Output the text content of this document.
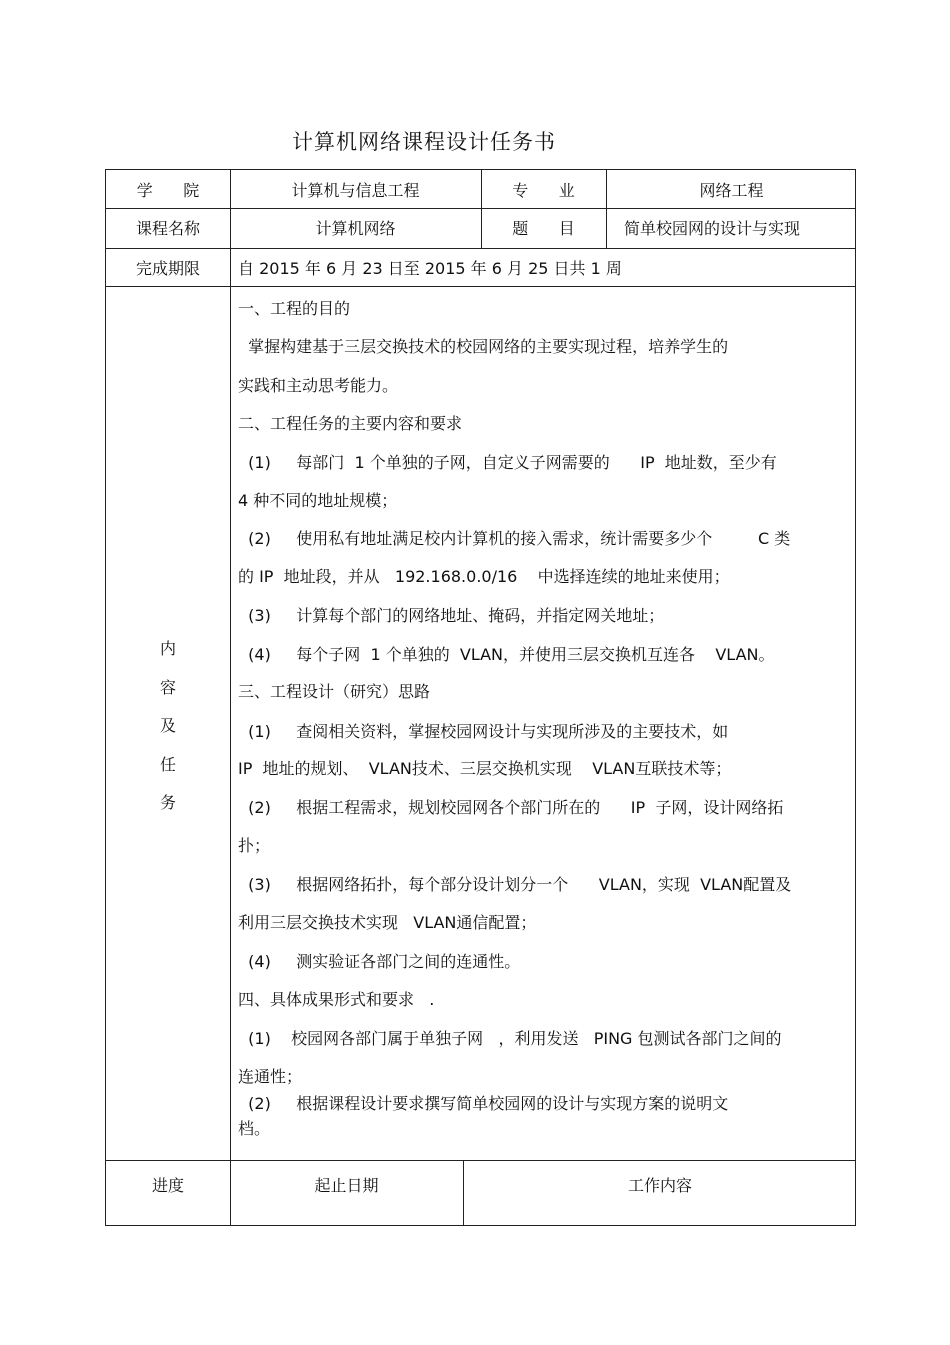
计算机网络课程设计任务书
学      院	计算机与信息工程	专      业	网络工程
课程名称	计算机网络	题      目	简单校园网的设计与实现
完成期限	自 2015 年 6 月 23 日至 2015 年 6 月 25 日共 1 周
内
容
及
任
务
一、工程的目的
掌握构建基于三层交换技术的校园网络的主要实现过程，培养学生的
实践和主动思考能力。
二、工程任务的主要内容和要求
(1)     每部门  1 个单独的子网，自定义子网需要的      IP  地址数，至少有
4 种不同的地址规模；
(2)     使用私有地址满足校内计算机的接入需求，统计需要多少个         C 类
的 IP  地址段，并从   192.168.0.0/16    中选择连续的地址来使用；
(3)     计算每个部门的网络地址、掩码，并指定网关地址；
(4)     每个子网  1 个单独的  VLAN，并使用三层交换机互连各    VLAN。
三、工程设计（研究）思路
(1)     查阅相关资料，掌握校园网设计与实现所涉及的主要技术，如
IP  地址的规划、  VLAN技术、三层交换机实现    VLAN互联技术等；
(2)     根据工程需求，规划校园网各个部门所在的      IP  子网，设计网络拓
扑；
(3)     根据网络拓扑，每个部分设计划分一个      VLAN，实现  VLAN配置及
利用三层交换技术实现   VLAN通信配置；
(4)     测实验证各部门之间的连通性。
四、具体成果形式和要求   .
(1)    校园网各部门属于单独子网   ，利用发送   PING 包测试各部门之间的
连通性；
(2)     根据课程设计要求撰写简单校园网的设计与实现方案的说明文
档。
进度	起止日期	工作内容
